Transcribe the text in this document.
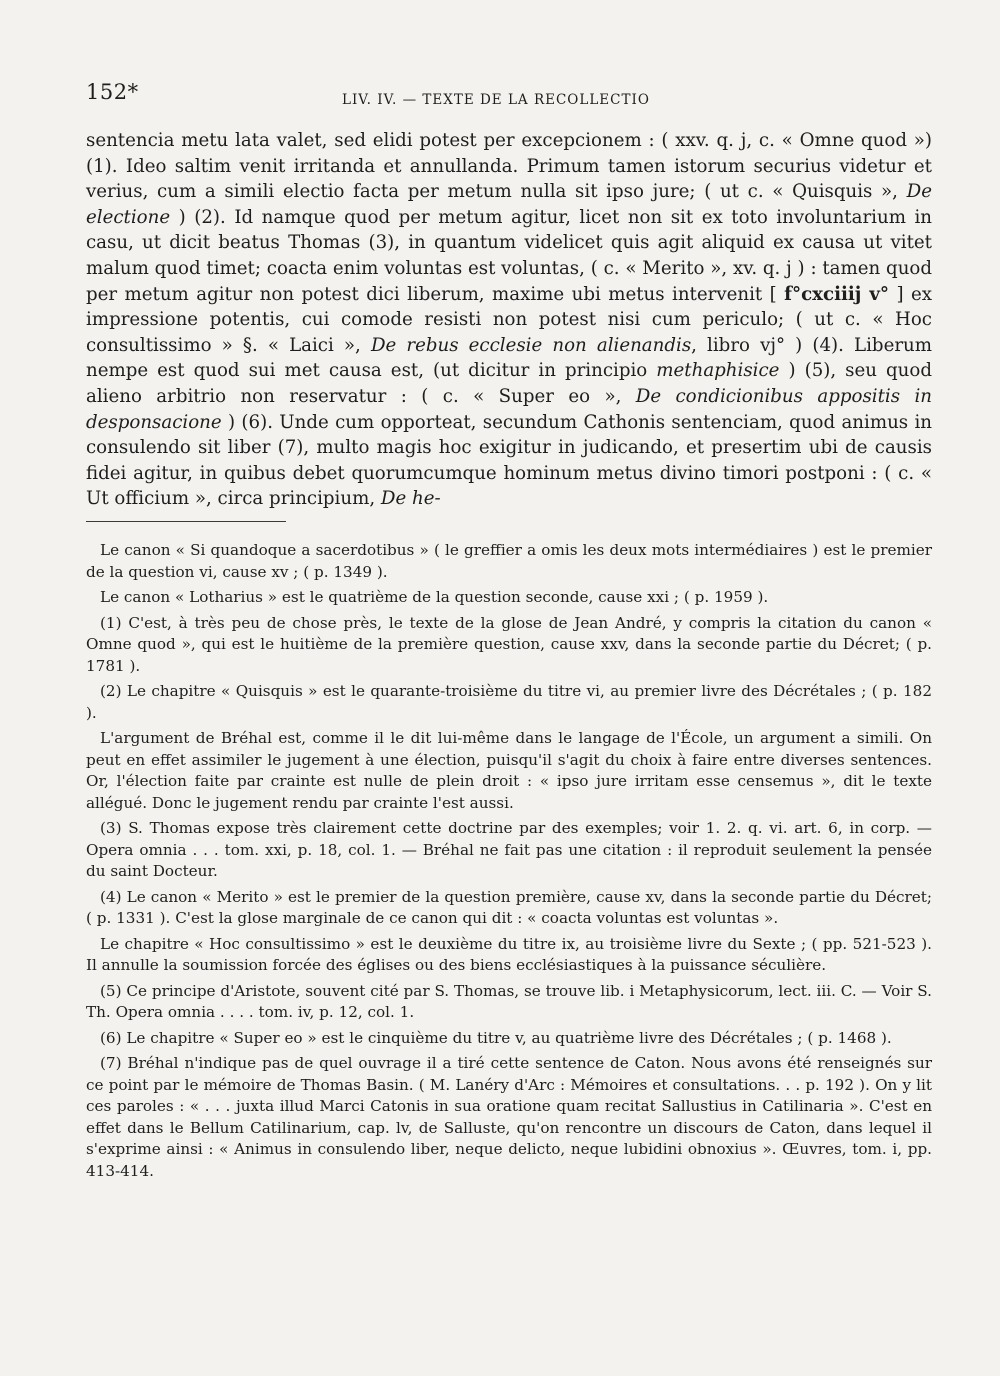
152*	LIV. IV. — TEXTE DE LA RECOLLECTIO

sentencia metu lata valet, sed elidi potest per excepcionem : ( xxv. q. j, c. « Omne quod ») (1). Ideo saltim venit irritanda et annullanda. Primum tamen istorum securius videtur et verius, cum a simili electio facta per metum nulla sit ipso jure; ( ut c. « Quisquis », De electione ) (2). Id namque quod per metum agitur, licet non sit ex toto involuntarium in casu, ut dicit beatus Thomas (3), in quantum videlicet quis agit aliquid ex causa ut vitet malum quod timet; coacta enim voluntas est voluntas, ( c. « Merito », xv. q. j ) : tamen quod per metum agitur non potest dici liberum, maxime ubi metus intervenit [ f°cxciiij v° ] ex impressione potentis, cui comode resisti non potest nisi cum periculo; ( ut c. « Hoc consultissimo » §. « Laici », De rebus ecclesie non alienandis, libro vj° ) (4). Liberum nempe est quod sui met causa est, (ut dicitur in principio methaphisice ) (5), seu quod alieno arbitrio non reservatur : ( c. « Super eo », De condicionibus appositis in desponsacione ) (6). Unde cum opporteat, secundum Cathonis sentenciam, quod animus in consulendo sit liber (7), multo magis hoc exigitur in judicando, et presertim ubi de causis fidei agitur, in quibus debet quorumcumque hominum metus divino timori postponi : ( c. « Ut officium », circa principium, De he-

Le canon « Si quandoque a sacerdotibus » ( le greffier a omis les deux mots intermédiaires ) est le premier de la question vi, cause xv ; ( p. 1349 ).

Le canon « Lotharius » est le quatrième de la question seconde, cause xxi ; ( p. 1959 ).

(1) C'est, à très peu de chose près, le texte de la glose de Jean André, y compris la citation du canon « Omne quod », qui est le huitième de la première question, cause xxv, dans la seconde partie du Décret; ( p. 1781 ).

(2) Le chapitre « Quisquis » est le quarante-troisième du titre vi, au premier livre des Décrétales ; ( p. 182 ).

L'argument de Bréhal est, comme il le dit lui-même dans le langage de l'École, un argument a simili. On peut en effet assimiler le jugement à une élection, puisqu'il s'agit du choix à faire entre diverses sentences. Or, l'élection faite par crainte est nulle de plein droit : « ipso jure irritam esse censemus », dit le texte allégué. Donc le jugement rendu par crainte l'est aussi.

(3) S. Thomas expose très clairement cette doctrine par des exemples; voir 1. 2. q. vi. art. 6, in corp. — Opera omnia . . . tom. xxi, p. 18, col. 1. — Bréhal ne fait pas une citation : il reproduit seulement la pensée du saint Docteur.

(4) Le canon « Merito » est le premier de la question première, cause xv, dans la seconde partie du Décret; ( p. 1331 ). C'est la glose marginale de ce canon qui dit : « coacta voluntas est voluntas ».

Le chapitre « Hoc consultissimo » est le deuxième du titre ix, au troisième livre du Sexte ; ( pp. 521-523 ). Il annulle la soumission forcée des églises ou des biens ecclésiastiques à la puissance séculière.

(5) Ce principe d'Aristote, souvent cité par S. Thomas, se trouve lib. i Metaphysicorum, lect. iii. C. — Voir S. Th. Opera omnia . . . . tom. iv, p. 12, col. 1.

(6) Le chapitre « Super eo » est le cinquième du titre v, au quatrième livre des Décrétales ; ( p. 1468 ).

(7) Bréhal n'indique pas de quel ouvrage il a tiré cette sentence de Caton. Nous avons été renseignés sur ce point par le mémoire de Thomas Basin. ( M. Lanéry d'Arc : Mémoires et consultations. . . p. 192 ). On y lit ces paroles : « . . . juxta illud Marci Catonis in sua oratione quam recitat Sallustius in Catilinaria ». C'est en effet dans le Bellum Catilinarium, cap. lv, de Salluste, qu'on rencontre un discours de Caton, dans lequel il s'exprime ainsi : « Animus in consulendo liber, neque delicto, neque lubidini obnoxius ». Œuvres, tom. i, pp. 413-414.
